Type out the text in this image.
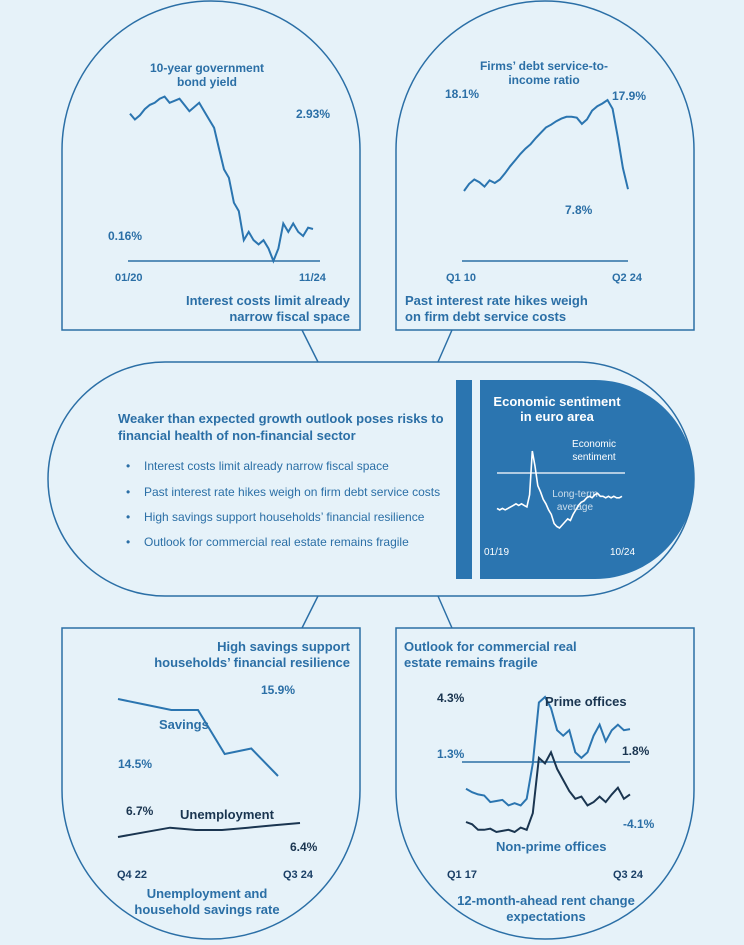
10-year government
bond yield
0.16%
2.93%
01/20	11/24
Interest costs limit already
narrow fiscal space
Firms’ debt service-to-
income ratio
18.1%	17.9%
7.8%
Q1 10	Q2 24
Past interest rate hikes weigh
on firm debt service costs
Weaker than expected growth outlook poses risks to
financial health of non-financial sector
• Interest costs limit already narrow fiscal space
• Past interest rate hikes weigh on firm debt service costs
• High savings support households’ financial resilience
• Outlook for commercial real estate remains fragile
Economic sentiment
in euro area
Economic
sentiment
Long-term
average
01/19	10/24
High savings support
households’ financial resilience
Savings
14.5%
15.9%
Unemployment
6.7%
6.4%
Q4 22	Q3 24
Unemployment and
household savings rate
Outlook for commercial real
estate remains fragile
Prime offices
4.3%
1.8%
Non-prime offices
1.3%
-4.1%
Q1 17	Q3 24
12-month-ahead rent change
expectations
